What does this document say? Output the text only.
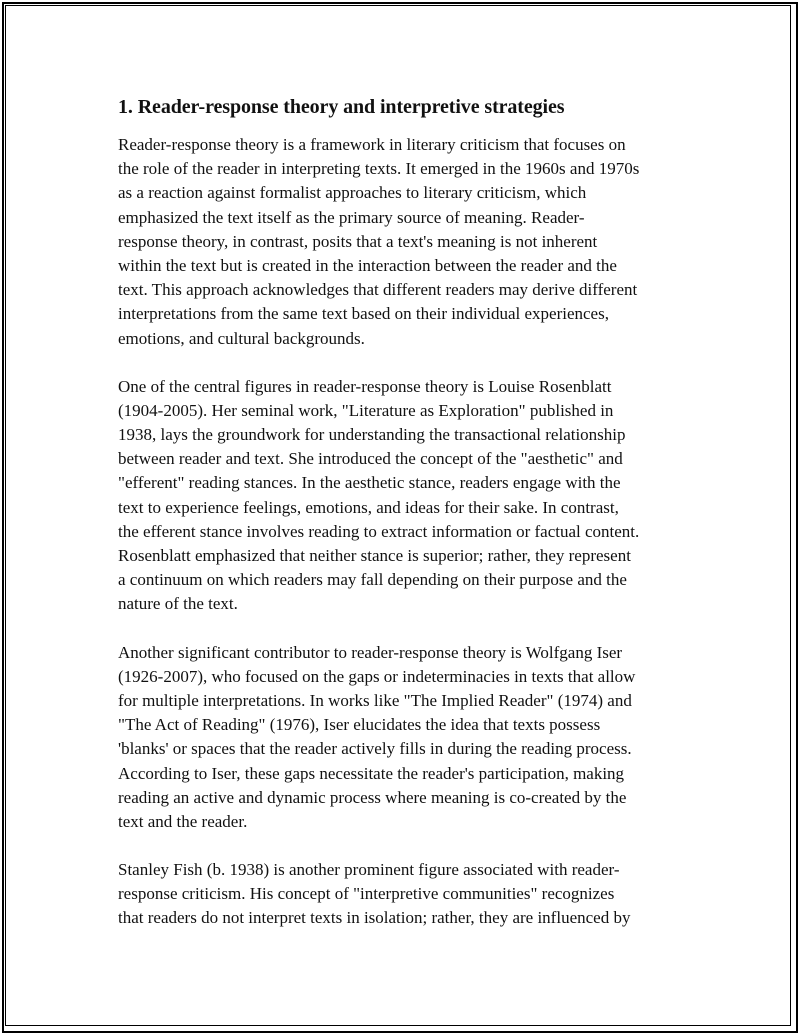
1. Reader-response theory and interpretive strategies

Reader-response theory is a framework in literary criticism that focuses on
the role of the reader in interpreting texts. It emerged in the 1960s and 1970s
as a reaction against formalist approaches to literary criticism, which
emphasized the text itself as the primary source of meaning. Reader-
response theory, in contrast, posits that a text's meaning is not inherent
within the text but is created in the interaction between the reader and the
text. This approach acknowledges that different readers may derive different
interpretations from the same text based on their individual experiences,
emotions, and cultural backgrounds.

One of the central figures in reader-response theory is Louise Rosenblatt
(1904-2005). Her seminal work, "Literature as Exploration" published in
1938, lays the groundwork for understanding the transactional relationship
between reader and text. She introduced the concept of the "aesthetic" and
"efferent" reading stances. In the aesthetic stance, readers engage with the
text to experience feelings, emotions, and ideas for their sake. In contrast,
the efferent stance involves reading to extract information or factual content.
Rosenblatt emphasized that neither stance is superior; rather, they represent
a continuum on which readers may fall depending on their purpose and the
nature of the text.

Another significant contributor to reader-response theory is Wolfgang Iser
(1926-2007), who focused on the gaps or indeterminacies in texts that allow
for multiple interpretations. In works like "The Implied Reader" (1974) and
"The Act of Reading" (1976), Iser elucidates the idea that texts possess
'blanks' or spaces that the reader actively fills in during the reading process.
According to Iser, these gaps necessitate the reader's participation, making
reading an active and dynamic process where meaning is co-created by the
text and the reader.

Stanley Fish (b. 1938) is another prominent figure associated with reader-
response criticism. His concept of "interpretive communities" recognizes
that readers do not interpret texts in isolation; rather, they are influenced by
